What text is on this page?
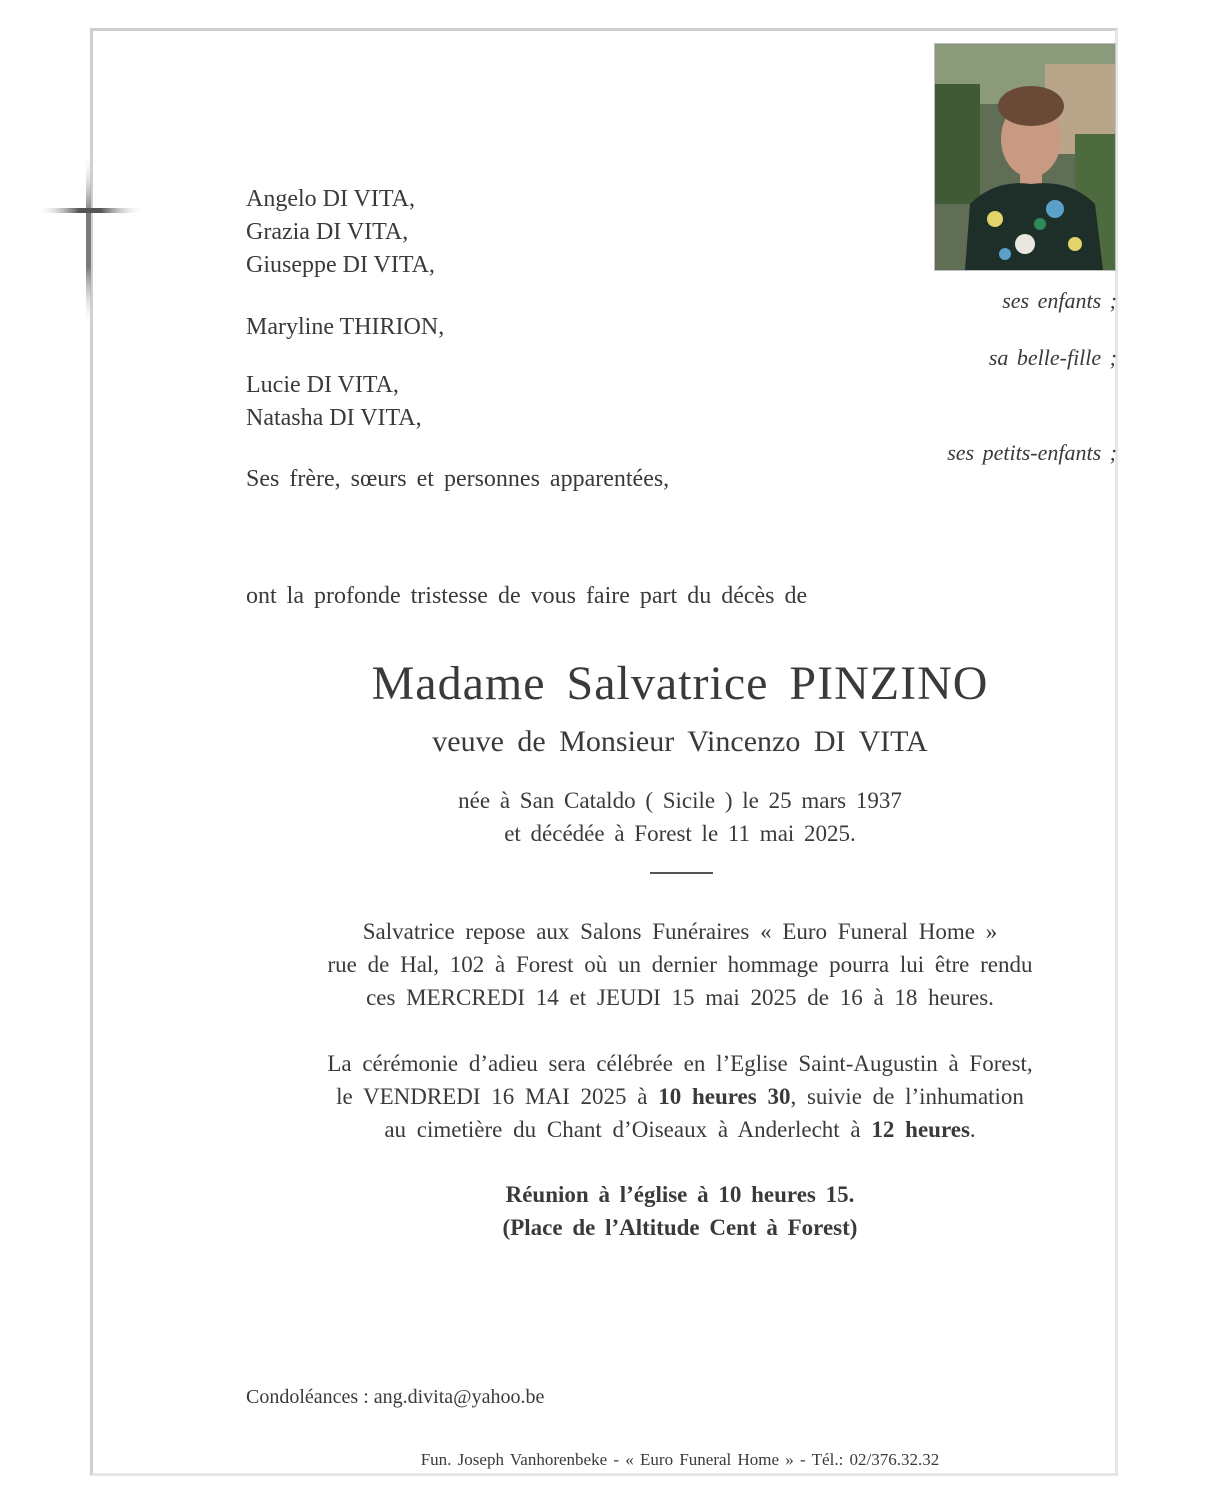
Angelo DI VITA,
Grazia DI VITA,
Giuseppe DI VITA,
ses enfants ;
Maryline THIRION,
sa belle-fille ;
Lucie DI VITA,
Natasha DI VITA,
ses petits-enfants ;
Ses frère, sœurs et personnes apparentées,
ont la profonde tristesse de vous faire part du décès de
Madame Salvatrice PINZINO
veuve de Monsieur Vincenzo DI VITA
née à San Cataldo ( Sicile ) le 25 mars 1937
et décédée à Forest le 11 mai 2025.
Salvatrice repose aux Salons Funéraires « Euro Funeral Home »
rue de Hal, 102 à Forest où un dernier hommage pourra lui être rendu
ces MERCREDI 14 et JEUDI 15 mai 2025 de 16 à 18 heures.
La cérémonie d’adieu sera célébrée en l’Eglise Saint-Augustin à Forest,
le VENDREDI 16 MAI 2025 à 10 heures 30, suivie de l’inhumation
au cimetière du Chant d’Oiseaux à Anderlecht à 12 heures.
Réunion à l’église à 10 heures 15.
(Place de l’Altitude Cent à Forest)
Condoléances : ang.divita@yahoo.be
Fun. Joseph Vanhorenbeke - « Euro Funeral Home » - Tél.: 02/376.32.32
